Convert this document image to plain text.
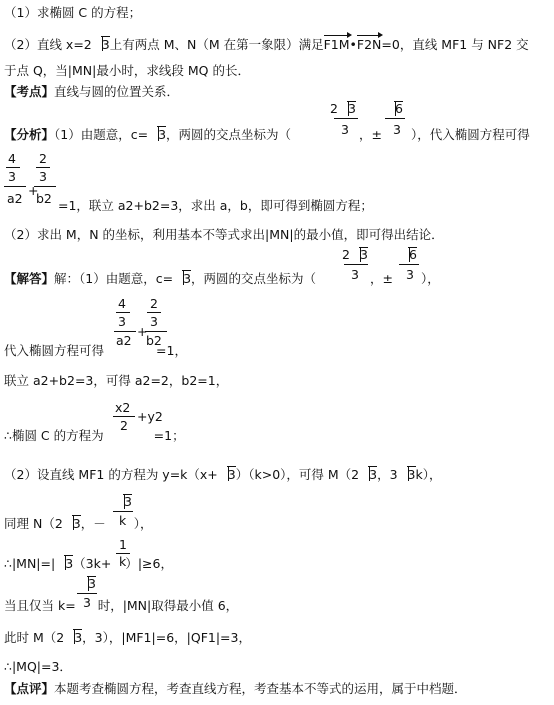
（1）求椭圆 C 的方程；
（2）直线 x=2 3上有两点 M、N（M 在第一象限）满足F1M•F2N=0，直线 MF1 与 NF2 交
于点 Q，当|MN|最小时，求线段 MQ 的长．
【考点】直线与圆的位置关系．
【分析】（1）由题意，c= 3，两圆的交点坐标为（
2 3
3 ，±
6
3 ），代入椭圆方程可得
4
3
a2
+
2
3
b2 =1，联立 a2+b2=3，求出 a，b，即可得到椭圆方程；
（2）求出 M，N 的坐标，利用基本不等式求出|MN|的最小值，即可得出结论．
【解答】解：（1）由题意，c= 3，两圆的交点坐标为（
2 3
3 ，±
6
3 ），
4
3
a2
+
2
3
b2
代入椭圆方程可得	=1，
联立 a2+b2=3，可得 a2=2，b2=1，
x2
2
+y2
∴椭圆 C 的方程为	=1；
（2）设直线 MF1 的方程为 y=k（x+ 3）（k>0），可得 M（2 3，3 3k），
3
k
同理 N（2 3，－ ），
1
k
∴|MN|=| 3（3k+ ）|≥6，
3
3
当且仅当 k= 时，|MN|取得最小值 6，
此时 M（2 3，3），|MF1|=6，|QF1|=3，
∴|MQ|=3．
【点评】本题考查椭圆方程，考查直线方程，考查基本不等式的运用，属于中档题．
